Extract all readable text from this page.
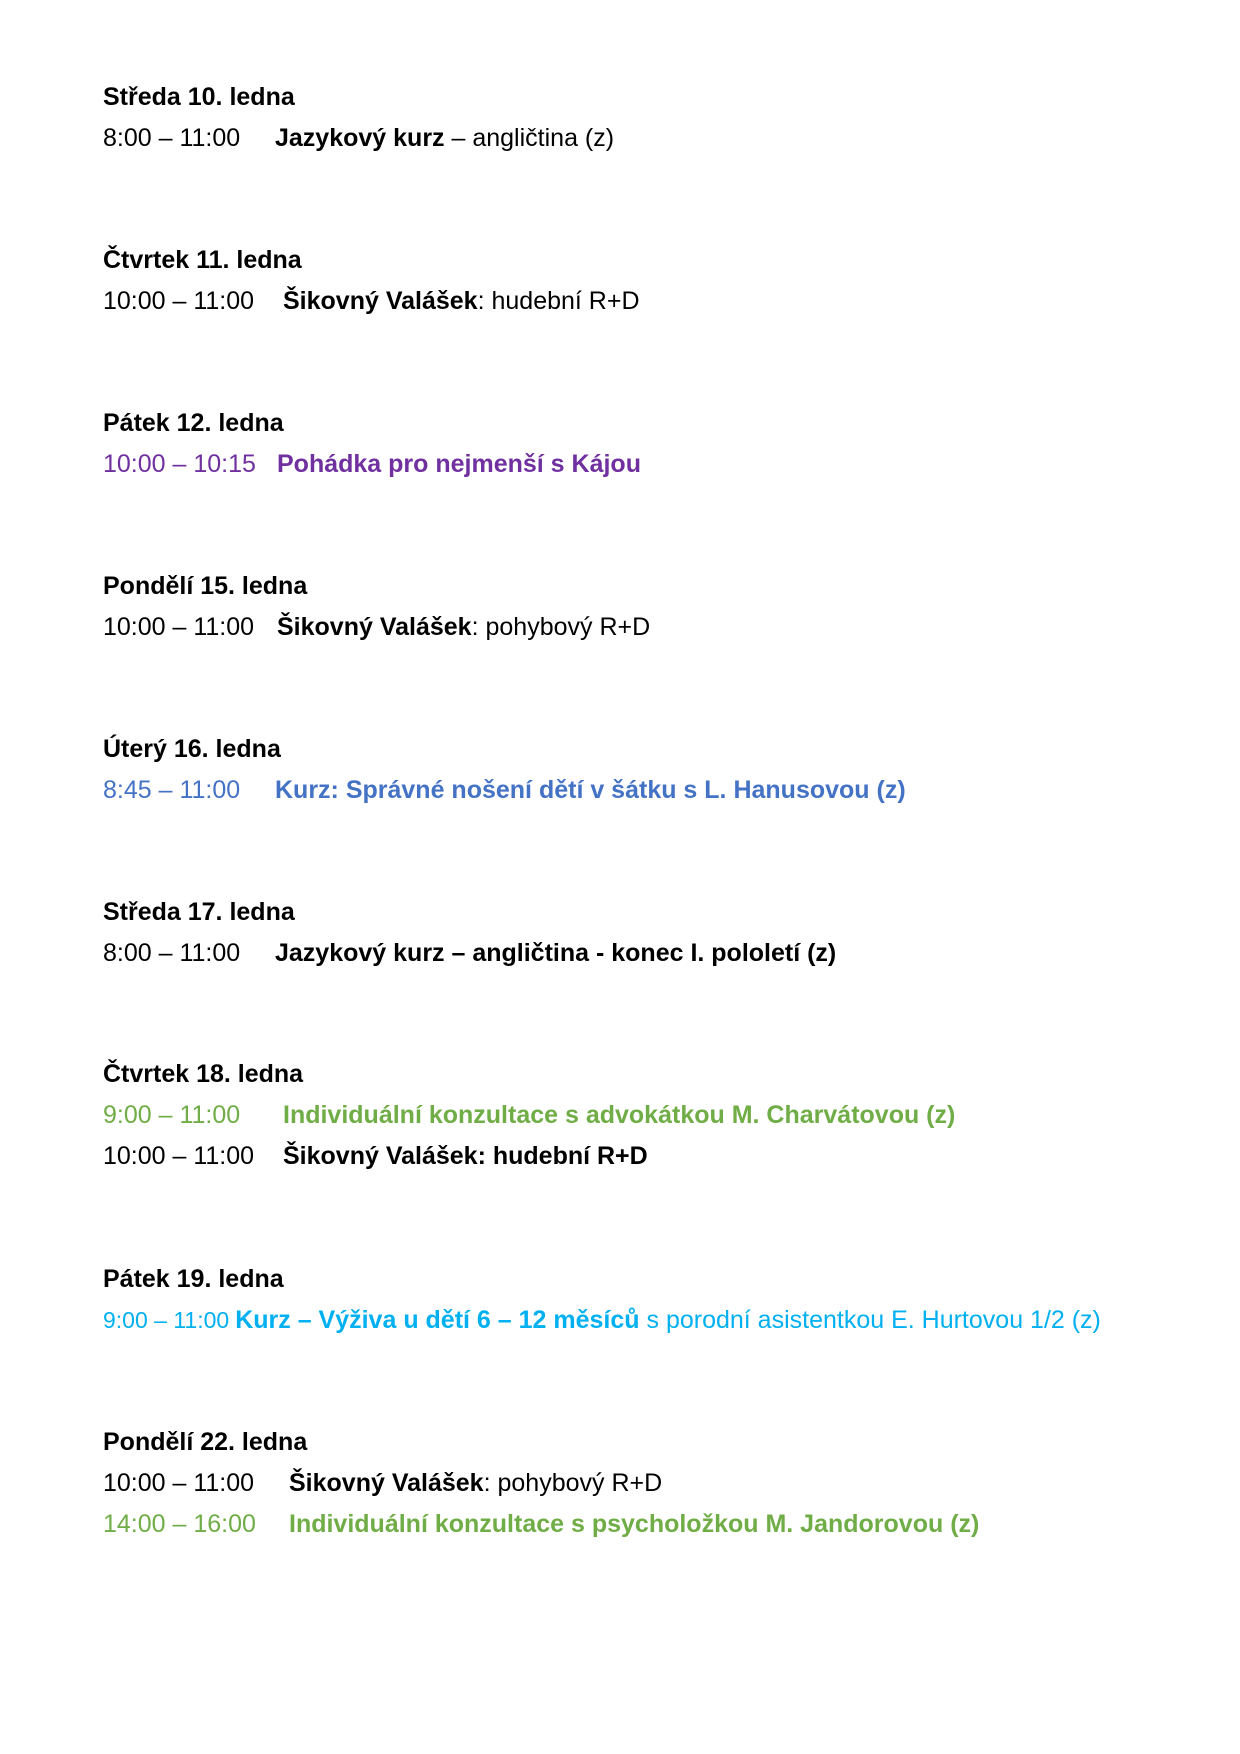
Středa 10. ledna
8:00 – 11:00 Jazykový kurz – angličtina (z)
Čtvrtek 11. ledna
10:00 – 11:00 Šikovný Valášek: hudební R+D
Pátek 12. ledna
10:00 – 10:15 Pohádka pro nejmenší s Kájou
Pondělí 15. ledna
10:00 – 11:00 Šikovný Valášek: pohybový R+D
Úterý 16. ledna
8:45 – 11:00 Kurz: Správné nošení dětí v šátku s L. Hanusovou (z)
Středa 17. ledna
8:00 – 11:00 Jazykový kurz – angličtina - konec I. pololetí (z)
Čtvrtek 18. ledna
9:00 – 11:00 Individuální konzultace s advokátkou M. Charvátovou (z)
10:00 – 11:00 Šikovný Valášek: hudební R+D
Pátek 19. ledna
9:00 – 11:00 Kurz – Výživa u dětí 6 – 12 měsíců s porodní asistentkou E. Hurtovou 1/2 (z)
Pondělí 22. ledna
10:00 – 11:00 Šikovný Valášek: pohybový R+D
14:00 – 16:00 Individuální konzultace s psycholožkou M. Jandorovou (z)
